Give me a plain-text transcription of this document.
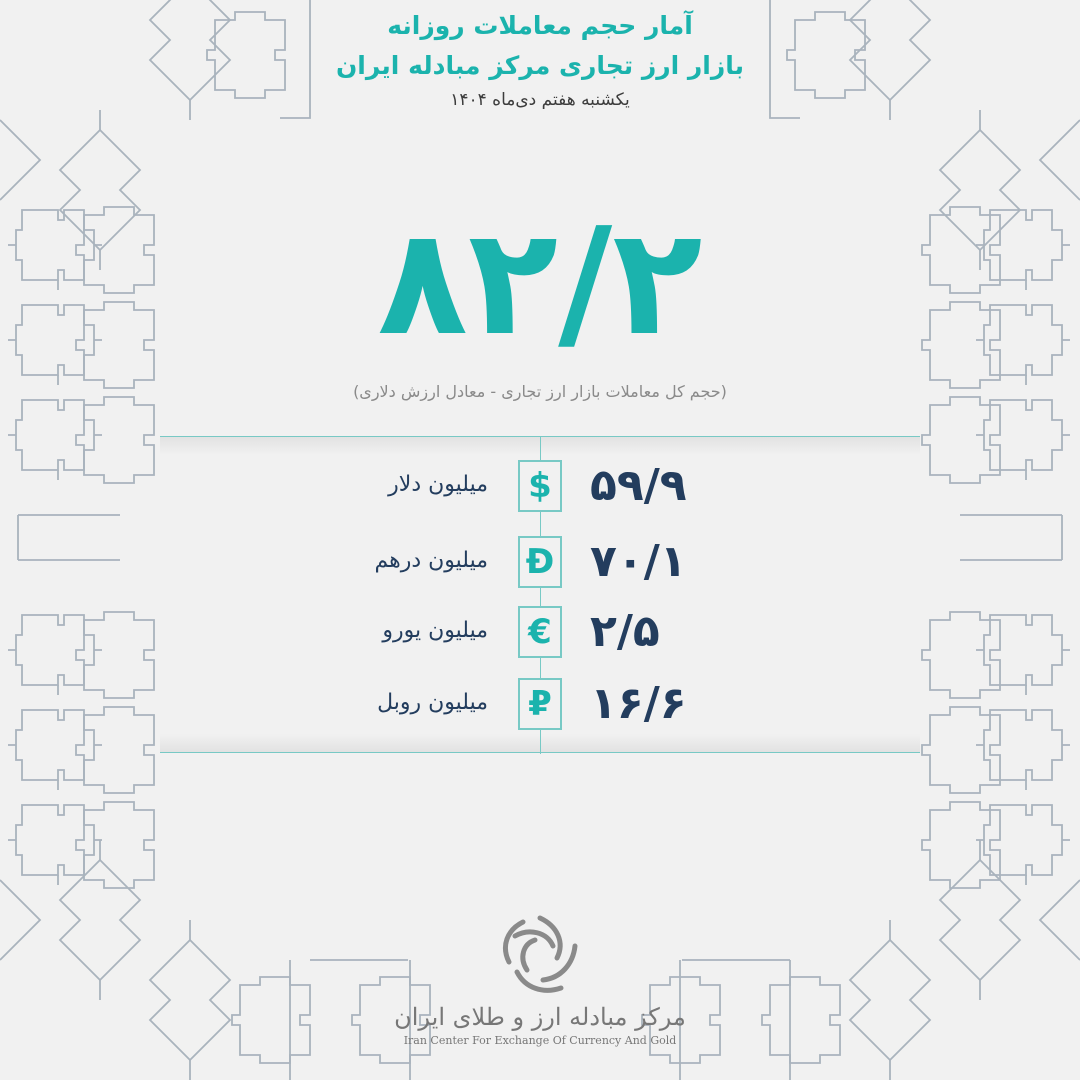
آمار حجم معاملات روزانه
بازار ارز تجاری مرکز مبادله ایران
یکشنبه هفتم دی‌ماه ۱۴۰۴
۸۲/۲
(حجم کل معاملات بازار ارز تجاری - معادل ارزش دلاری)
میلیون دلار $ ۵۹/۹
میلیون درهم Đ ۷۰/۱
میلیون یورو € ۲/۵
میلیون روبل ₽ ۱۶/۶
مرکز مبادله ارز و طلای ایران
Iran Center For Exchange Of Currency And Gold
